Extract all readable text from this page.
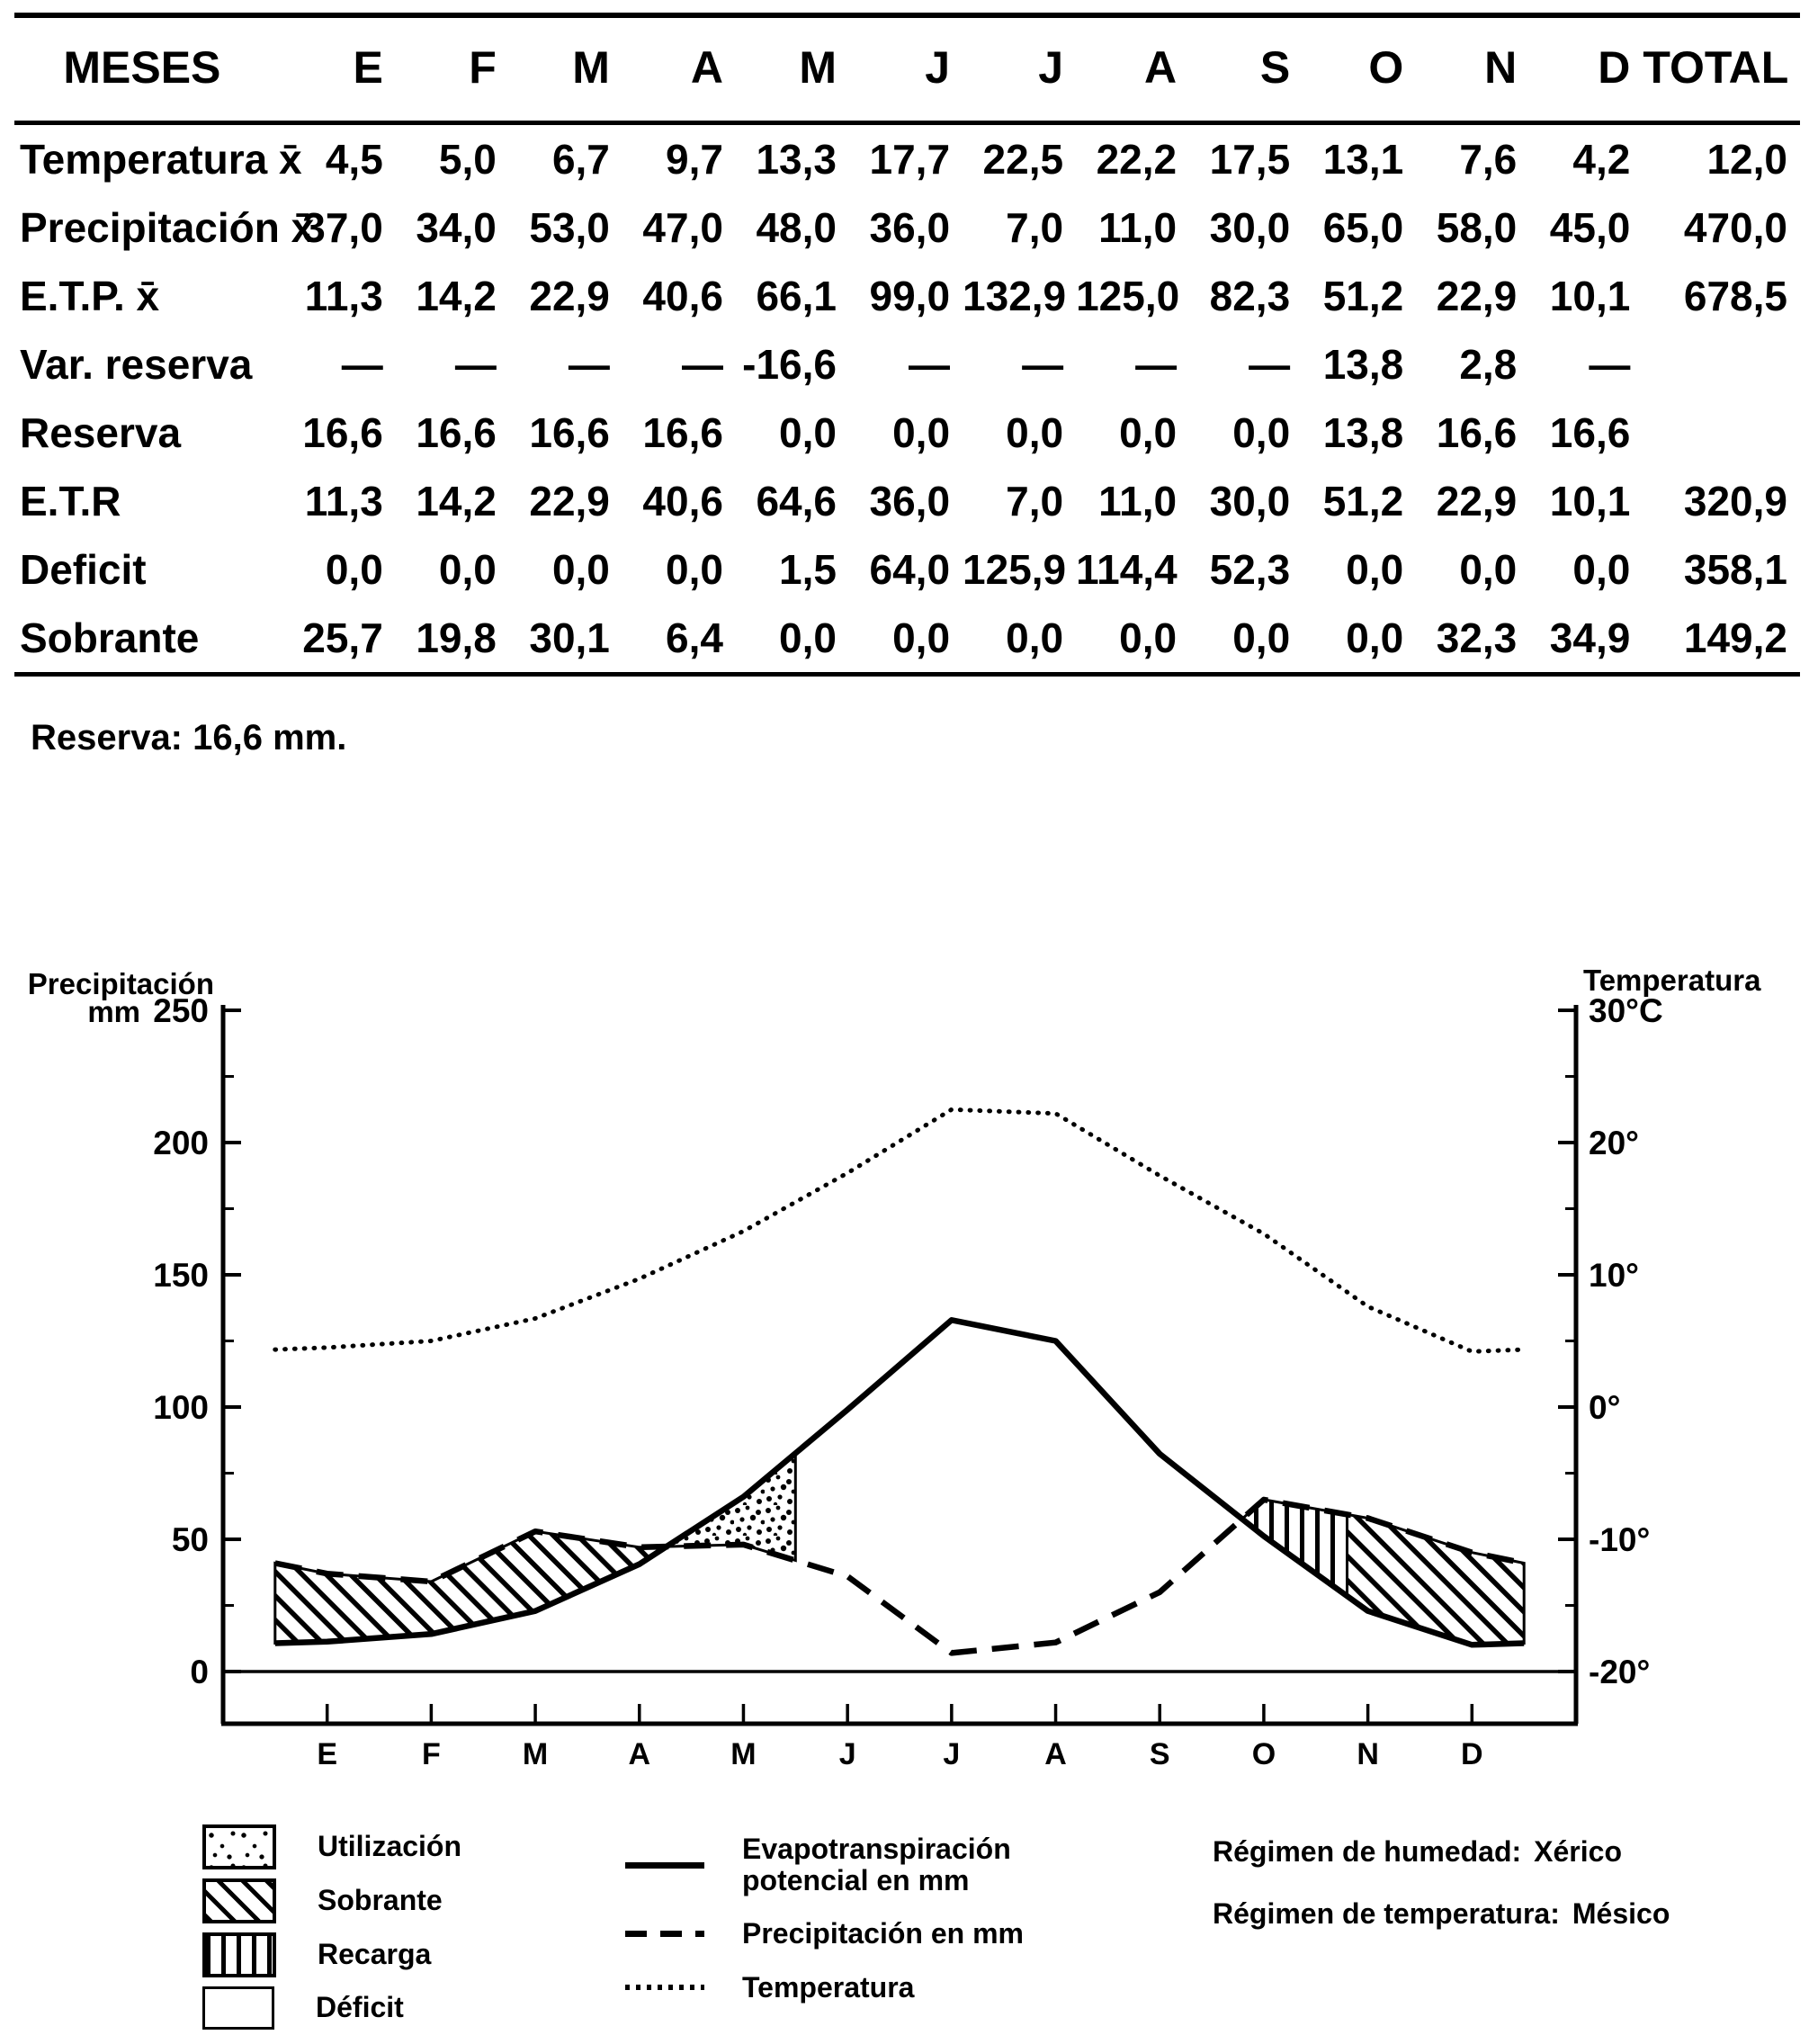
MESES	E	F	M	A	M	J	J	A	S	O	N	D	TOTAL
Temperatura x̄	4,5	5,0	6,7	9,7	13,3	17,7	22,5	22,2	17,5	13,1	7,6	4,2	12,0
Precipitación x̄	37,0	34,0	53,0	47,0	48,0	36,0	7,0	11,0	30,0	65,0	58,0	45,0	470,0
E.T.P. x̄	11,3	14,2	22,9	40,6	66,1	99,0	132,9	125,0	82,3	51,2	22,9	10,1	678,5
Var. reserva	—	—	—	—	-16,6	—	—	—	—	13,8	2,8	—	
Reserva	16,6	16,6	16,6	16,6	0,0	0,0	0,0	0,0	0,0	13,8	16,6	16,6	
E.T.R	11,3	14,2	22,9	40,6	64,6	36,0	7,0	11,0	30,0	51,2	22,9	10,1	320,9
Deficit	0,0	0,0	0,0	0,0	1,5	64,0	125,9	114,4	52,3	0,0	0,0	0,0	358,1
Sobrante	25,7	19,8	30,1	6,4	0,0	0,0	0,0	0,0	0,0	0,0	32,3	34,9	149,2
Reserva: 16,6 mm.
250
200
150
100
50
0
Precipitación
mm	30°C
20°
10°
0°
-10°
-20°
Temperatura
E	F	M	A	M	J	J	A	S	O	N	D
Utilización
Sobrante
Recarga
Déficit
Evapotranspiración
potencial en mm
Precipitación en mm
Temperatura
Régimen de humedad: Xérico
Régimen de temperatura: Mésico
